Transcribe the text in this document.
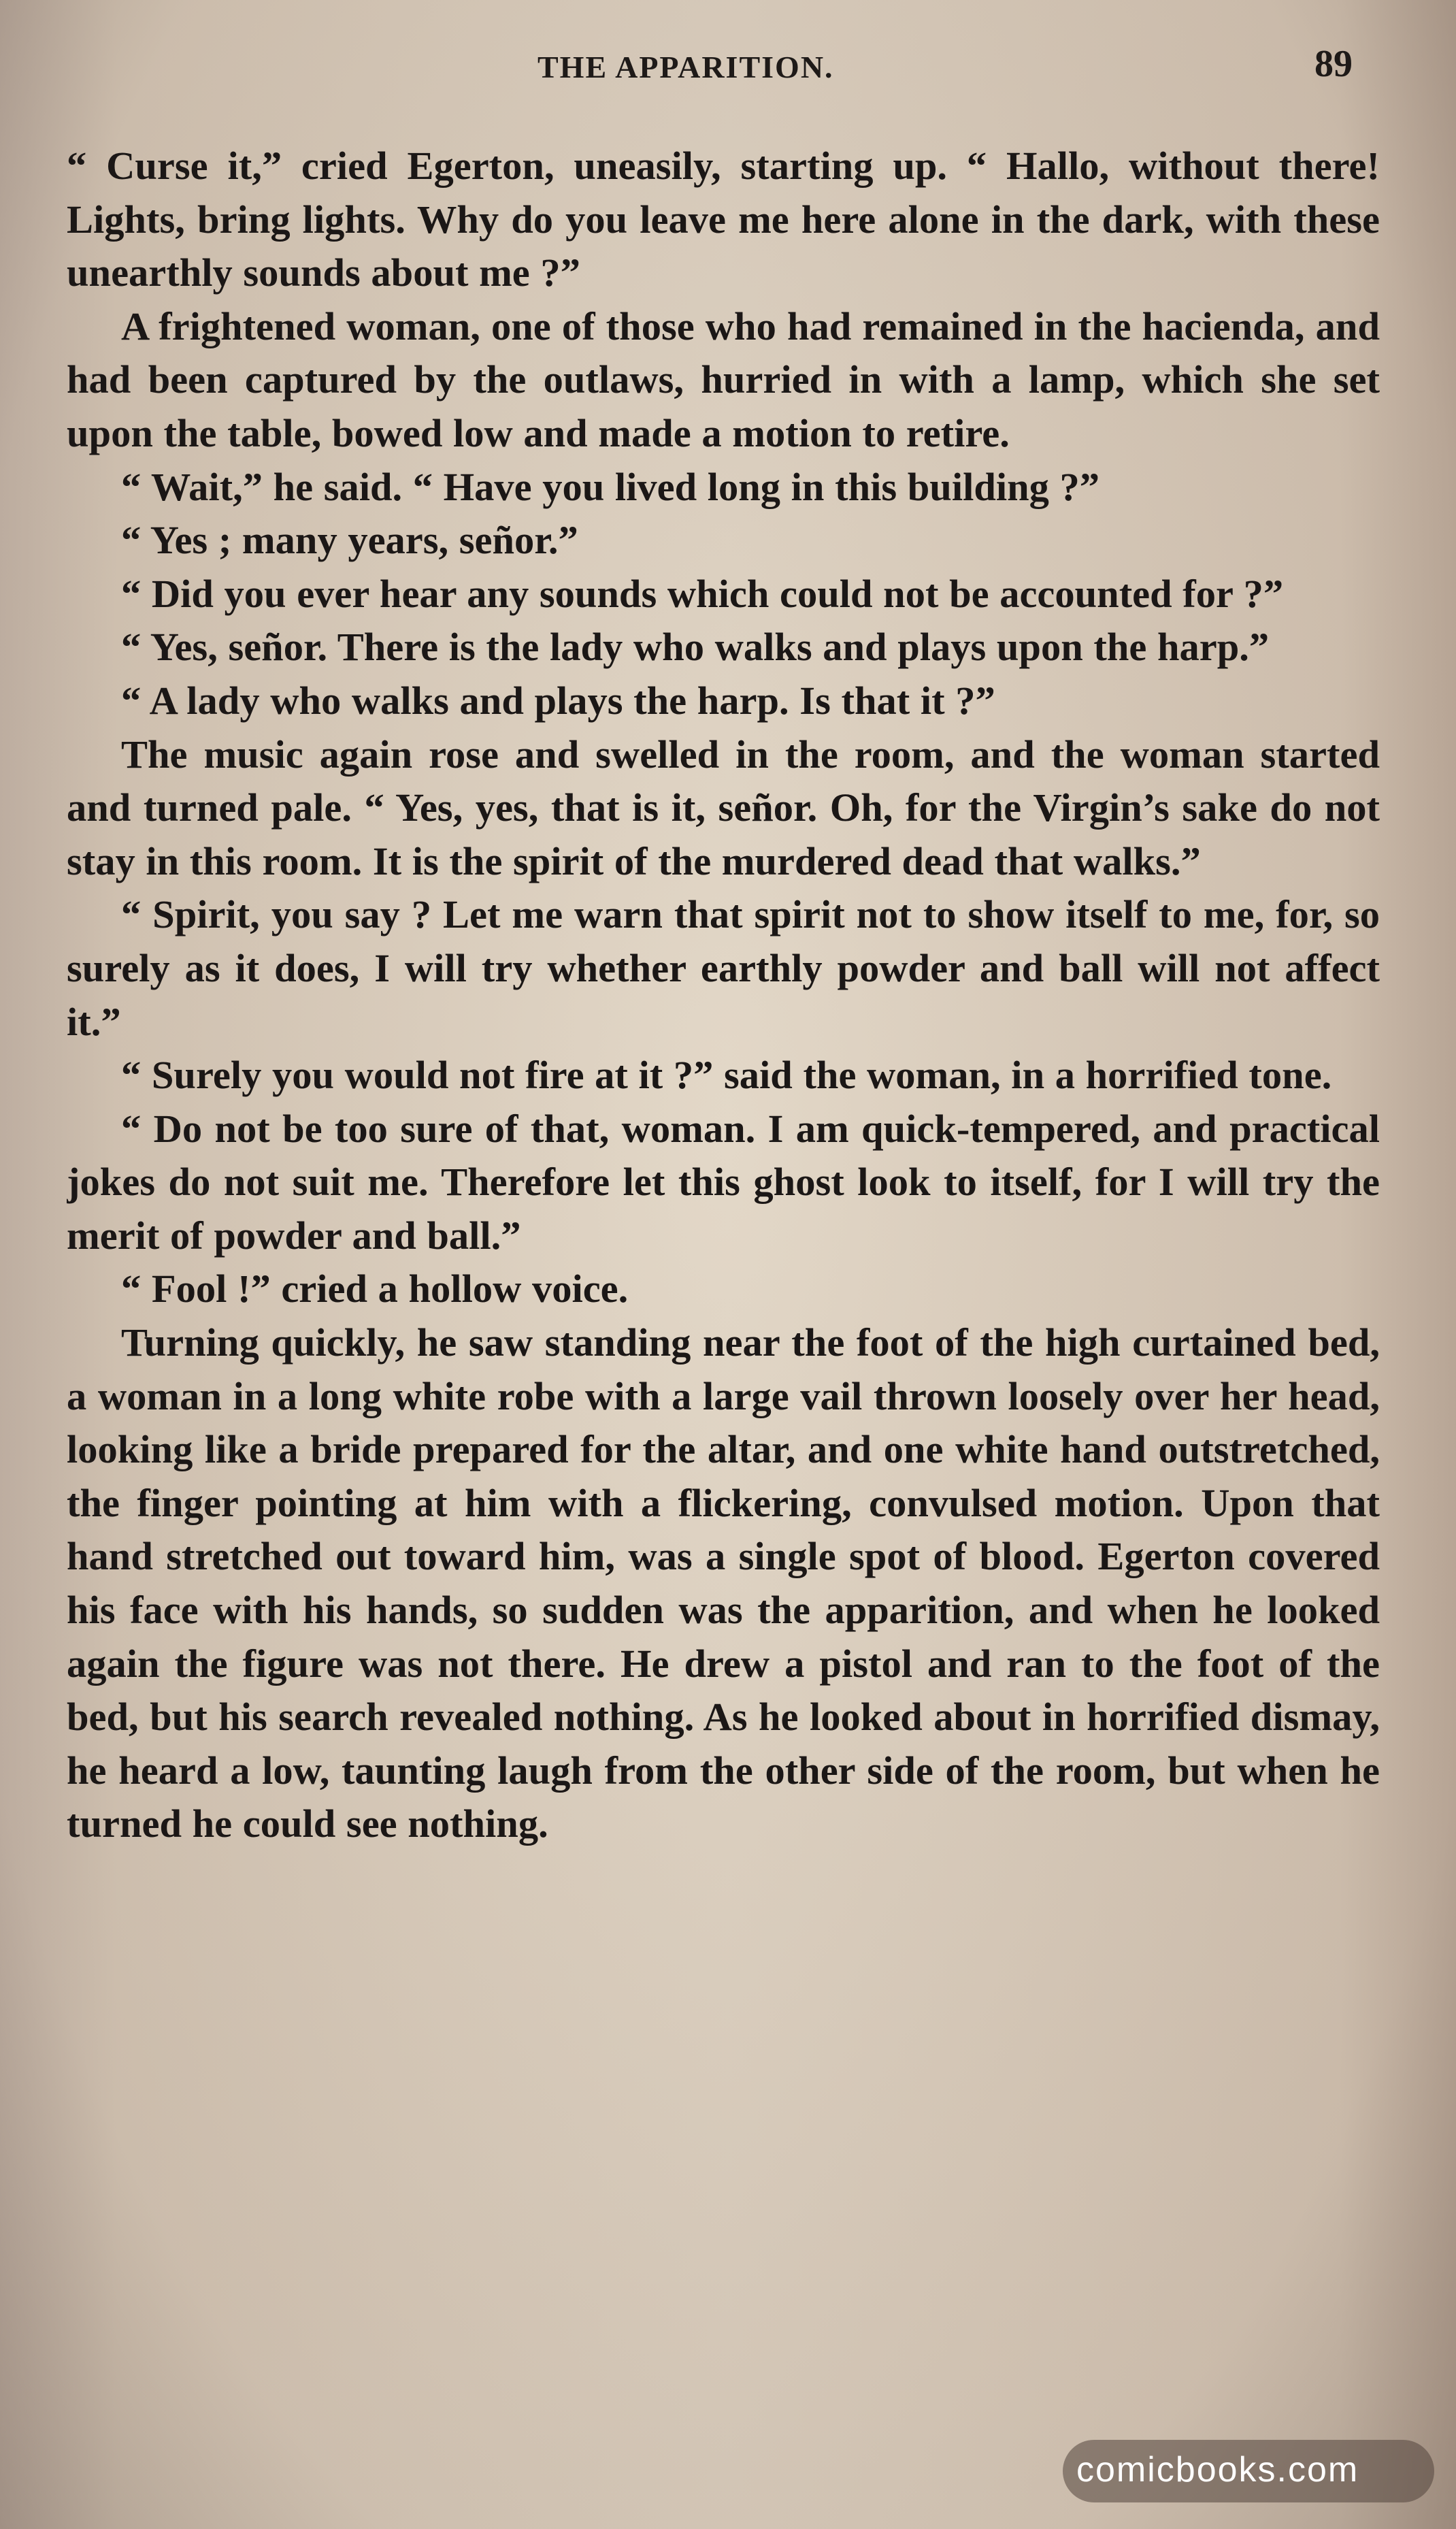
THE APPARITION.	89

“ Curse it,” cried Egerton, uneasily, starting up. “ Hallo, without there! Lights, bring lights. Why do you leave me here alone in the dark, with these unearthly sounds about me ?”

A frightened woman, one of those who had remained in the hacienda, and had been captured by the outlaws, hurried in with a lamp, which she set upon the table, bowed low and made a motion to retire.

“ Wait,” he said. “ Have you lived long in this building ?”

“ Yes ; many years, señor.”

“ Did you ever hear any sounds which could not be accounted for ?”

“ Yes, señor. There is the lady who walks and plays upon the harp.”

“ A lady who walks and plays the harp. Is that it ?”

The music again rose and swelled in the room, and the woman started and turned pale. “ Yes, yes, that is it, señor. Oh, for the Virgin’s sake do not stay in this room. It is the spirit of the murdered dead that walks.”

“ Spirit, you say ? Let me warn that spirit not to show itself to me, for, so surely as it does, I will try whether earthly powder and ball will not affect it.”

“ Surely you would not fire at it ?” said the woman, in a horrified tone.

“ Do not be too sure of that, woman. I am quick-tempered, and practical jokes do not suit me. Therefore let this ghost look to itself, for I will try the merit of powder and ball.”

“ Fool !” cried a hollow voice.

Turning quickly, he saw standing near the foot of the high curtained bed, a woman in a long white robe with a large vail thrown loosely over her head, looking like a bride prepared for the altar, and one white hand outstretched, the finger pointing at him with a flickering, convulsed motion. Upon that hand stretched out toward him, was a single spot of blood. Egerton covered his face with his hands, so sudden was the apparition, and when he looked again the figure was not there. He drew a pistol and ran to the foot of the bed, but his search revealed nothing. As he looked about in horrified dismay, he heard a low, taunting laugh from the other side of the room, but when he turned he could see nothing.

comicbooks.com
